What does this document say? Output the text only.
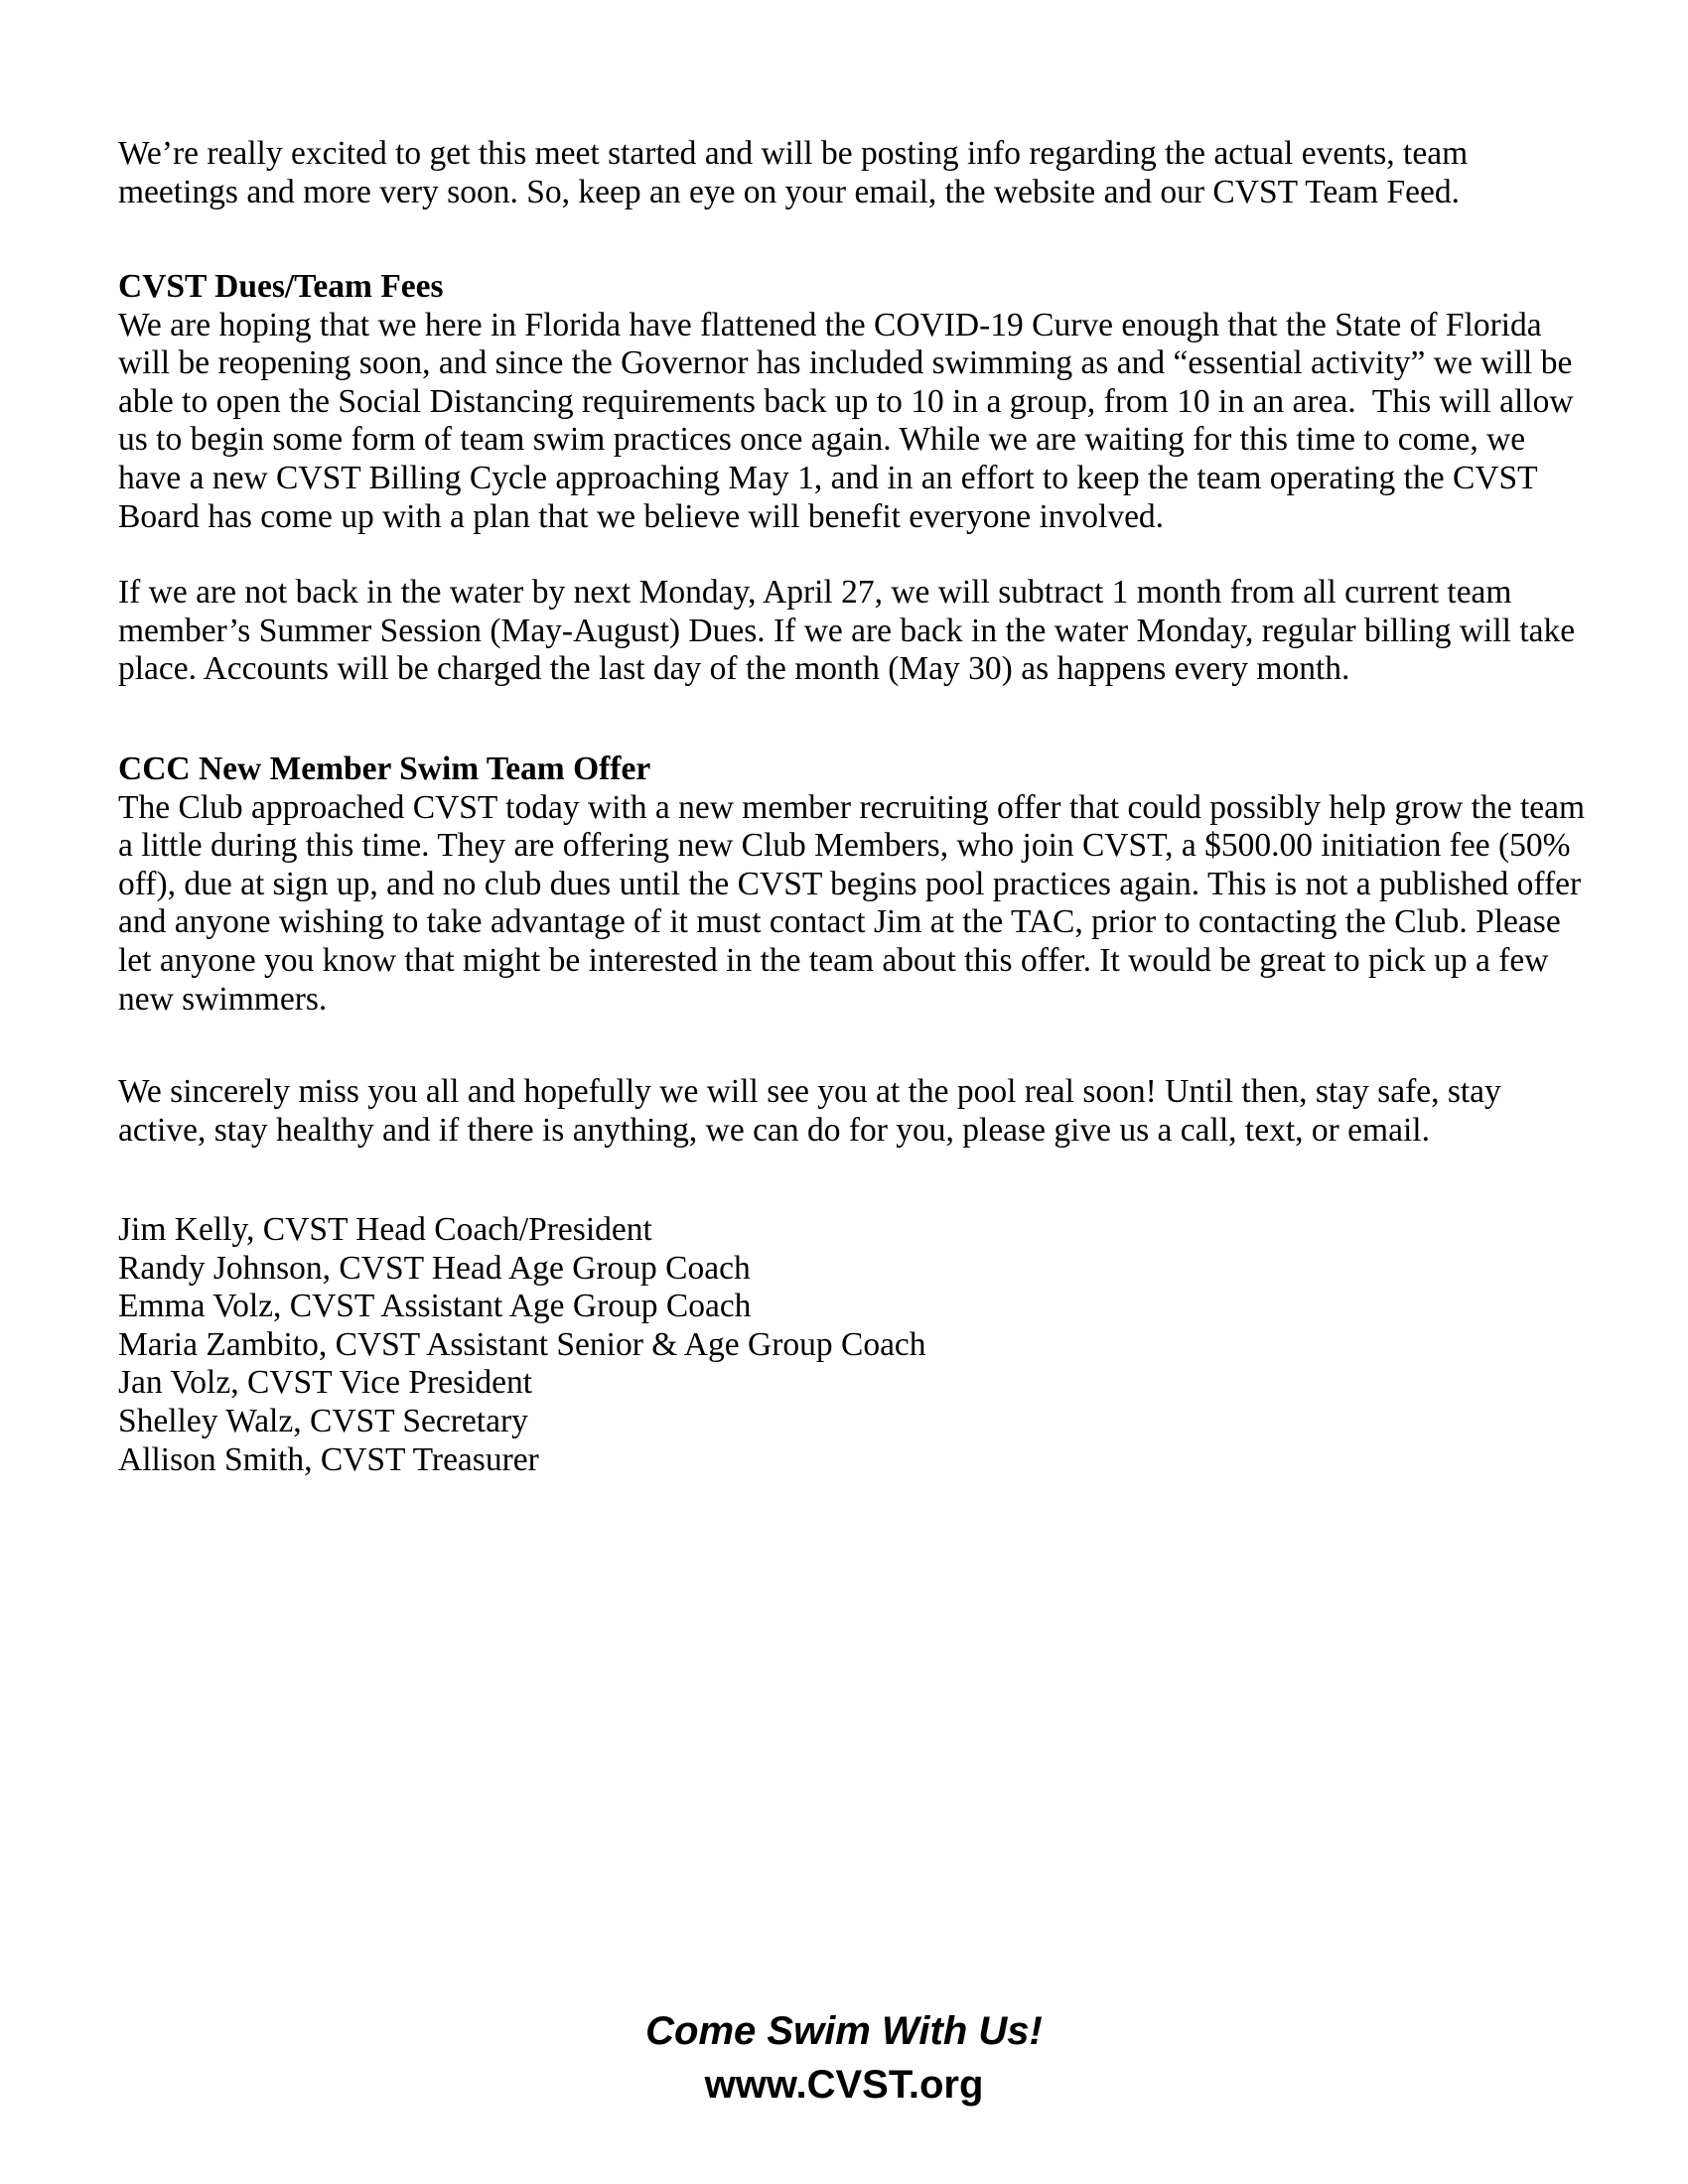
We’re really excited to get this meet started and will be posting info regarding the actual events, team
meetings and more very soon. So, keep an eye on your email, the website and our CVST Team Feed.
CVST Dues/Team Fees
We are hoping that we here in Florida have flattened the COVID-19 Curve enough that the State of Florida
will be reopening soon, and since the Governor has included swimming as and “essential activity” we will be
able to open the Social Distancing requirements back up to 10 in a group, from 10 in an area.  This will allow
us to begin some form of team swim practices once again. While we are waiting for this time to come, we
have a new CVST Billing Cycle approaching May 1, and in an effort to keep the team operating the CVST
Board has come up with a plan that we believe will benefit everyone involved.
If we are not back in the water by next Monday, April 27, we will subtract 1 month from all current team
member’s Summer Session (May-August) Dues. If we are back in the water Monday, regular billing will take
place. Accounts will be charged the last day of the month (May 30) as happens every month.
CCC New Member Swim Team Offer
The Club approached CVST today with a new member recruiting offer that could possibly help grow the team
a little during this time. They are offering new Club Members, who join CVST, a $500.00 initiation fee (50%
off), due at sign up, and no club dues until the CVST begins pool practices again. This is not a published offer
and anyone wishing to take advantage of it must contact Jim at the TAC, prior to contacting the Club. Please
let anyone you know that might be interested in the team about this offer. It would be great to pick up a few
new swimmers.
We sincerely miss you all and hopefully we will see you at the pool real soon! Until then, stay safe, stay
active, stay healthy and if there is anything, we can do for you, please give us a call, text, or email.
Jim Kelly, CVST Head Coach/President
Randy Johnson, CVST Head Age Group Coach
Emma Volz, CVST Assistant Age Group Coach
Maria Zambito, CVST Assistant Senior & Age Group Coach
Jan Volz, CVST Vice President
Shelley Walz, CVST Secretary
Allison Smith, CVST Treasurer
Come Swim With Us!
www.CVST.org
